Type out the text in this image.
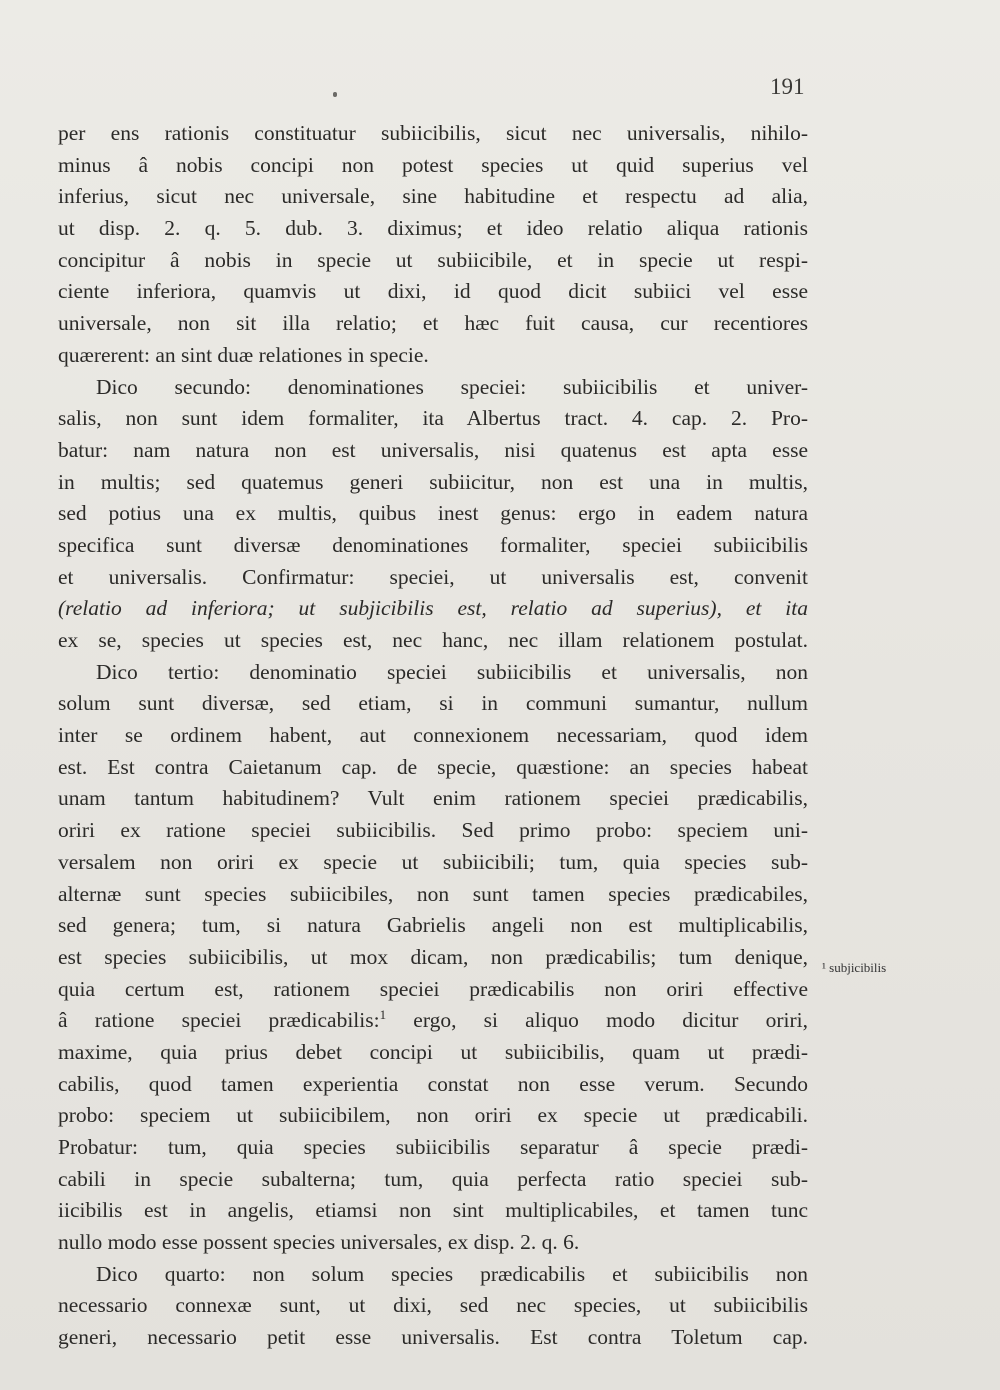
191
per ens rationis constituatur subiicibilis, sicut nec universalis, nihilo-
minus â nobis concipi non potest species ut quid superius vel
inferius, sicut nec universale, sine habitudine et respectu ad alia,
ut disp. 2. q. 5. dub. 3. diximus; et ideo relatio aliqua rationis
concipitur â nobis in specie ut subiicibile, et in specie ut respi-
ciente inferiora, quamvis ut dixi, id quod dicit subiici vel esse
universale, non sit illa relatio; et hæc fuit causa, cur recentiores
quærerent: an sint duæ relationes in specie.
Dico secundo: denominationes speciei: subiicibilis et univer-
salis, non sunt idem formaliter, ita Albertus tract. 4. cap. 2. Pro-
batur: nam natura non est universalis, nisi quatenus est apta esse
in multis; sed quatemus generi subiicitur, non est una in multis,
sed potius una ex multis, quibus inest genus: ergo in eadem natura
specifica sunt diversæ denominationes formaliter, speciei subiicibilis
et universalis. Confirmatur: speciei, ut universalis est, convenit
(relatio ad inferiora; ut subjicibilis est, relatio ad superius), et ita
ex se, species ut species est, nec hanc, nec illam relationem postulat.
Dico tertio: denominatio speciei subiicibilis et universalis, non
solum sunt diversæ, sed etiam, si in communi sumantur, nullum
inter se ordinem habent, aut connexionem necessariam, quod idem
est. Est contra Caietanum cap. de specie, quæstione: an species habeat
unam tantum habitudinem? Vult enim rationem speciei prædicabilis,
oriri ex ratione speciei subiicibilis. Sed primo probo: speciem uni-
versalem non oriri ex specie ut subiicibili; tum, quia species sub-
alternæ sunt species subiicibiles, non sunt tamen species prædicabiles,
sed genera; tum, si natura Gabrielis angeli non est multiplicabilis,
est species subiicibilis, ut mox dicam, non prædicabilis; tum denique,
quia certum est, rationem speciei prædicabilis non oriri effective
â ratione speciei prædicabilis:$^1$ ergo, si aliquo modo dicitur oriri,
maxime, quia prius debet concipi ut subiicibilis, quam ut prædi-
cabilis, quod tamen experientia constat non esse verum. Secundo
probo: speciem ut subiicibilem, non oriri ex specie ut prædicabili.
Probatur: tum, quia species subiicibilis separatur â specie prædi-
cabili in specie subalterna; tum, quia perfecta ratio speciei sub-
iicibilis est in angelis, etiamsi non sint multiplicabiles, et tamen tunc
nullo modo esse possent species universales, ex disp. 2. q. 6.
Dico quarto: non solum species prædicabilis et subiicibilis non
necessario connexæ sunt, ut dixi, sed nec species, ut subiicibilis
generi, necessario petit esse universalis. Est contra Toletum cap.
¹ subjicibilis
